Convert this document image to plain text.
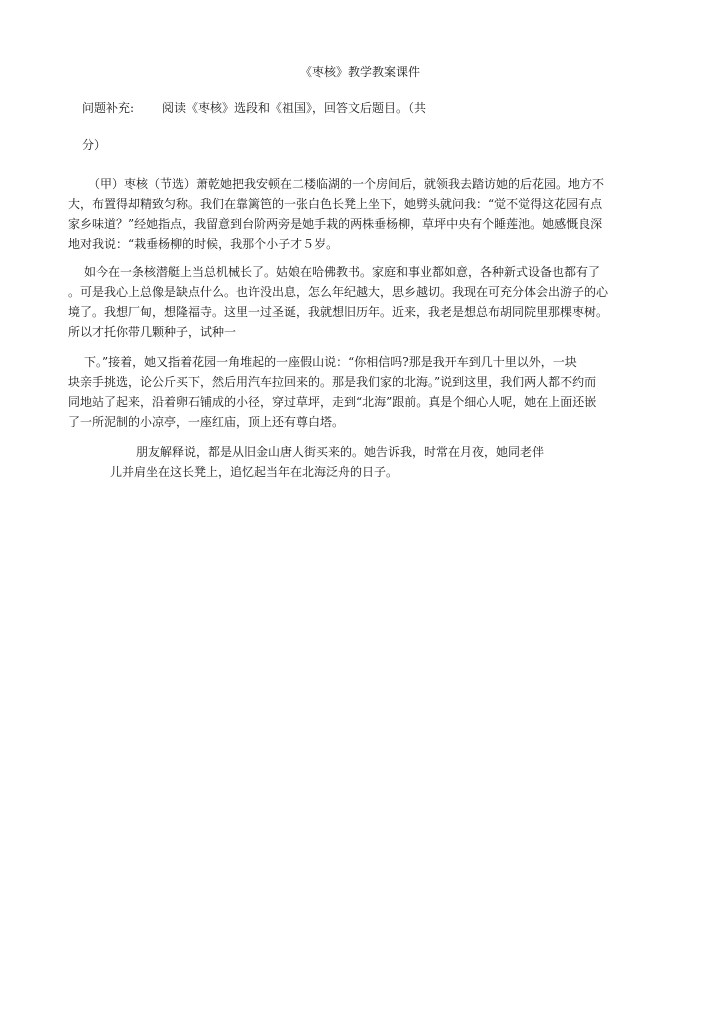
《枣核》教学教案课件
问题补充: 阅读《枣核》选段和《祖国》，回答文后题目。（共
分）
（甲）枣核（节选）萧乾她把我安顿在二楼临湖的一个房间后，就领我去踏访她的后花园。地方不
大，布置得却精致匀称。我们在靠篱笆的一张白色长凳上坐下，她劈头就问我：“觉不觉得这花园有点
家乡味道？”经她指点，我留意到台阶两旁是她手栽的两株垂杨柳，草坪中央有个睡莲池。她感慨良深
地对我说：“栽垂杨柳的时候，我那个小子才５岁。
如今在一条核潜艇上当总机械长了。姑娘在哈佛教书。家庭和事业都如意，各种新式设备也都有了
。可是我心上总像是缺点什么。也许没出息，怎么年纪越大，思乡越切。我现在可充分体会出游子的心
境了。我想厂甸，想隆福寺。这里一过圣诞，我就想旧历年。近来，我老是想总布胡同院里那棵枣树。
所以才托你带几颗种子，试种一
下。”接着，她又指着花园一角堆起的一座假山说：“你相信吗?那是我开车到几十里以外，一块
块亲手挑选，论公斤买下，然后用汽车拉回来的。那是我们家的北海。”说到这里，我们两人都不约而
同地站了起来，沿着卵石铺成的小径，穿过草坪，走到“北海”跟前。真是个细心人呢，她在上面还嵌
了一所泥制的小凉亭，一座红庙，顶上还有尊白塔。
朋友解释说，都是从旧金山唐人街买来的。她告诉我，时常在月夜，她同老伴
儿并肩坐在这长凳上，追忆起当年在北海泛舟的日子。
